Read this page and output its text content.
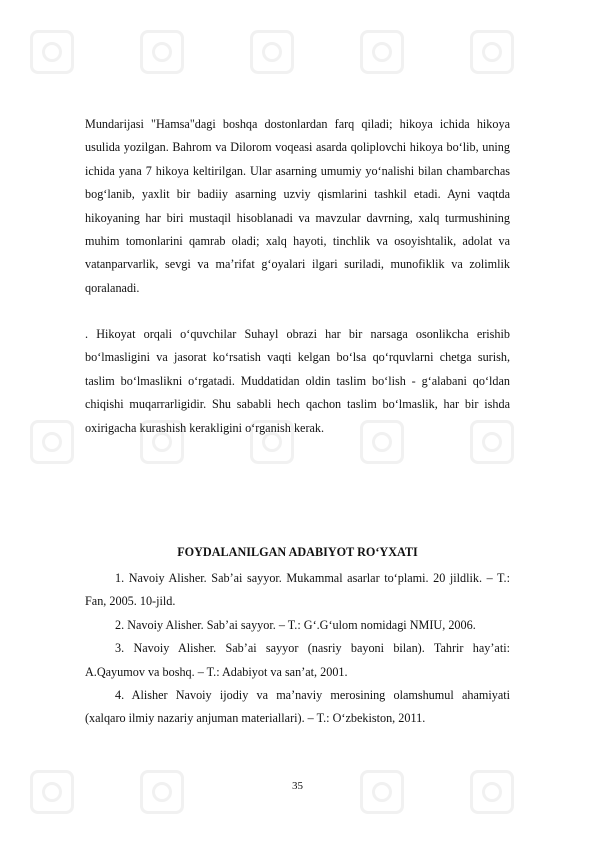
Mundarijasi "Hamsa"dagi boshqa dostonlardan farq qiladi; hikoya ichida hikoya usulida yozilgan. Bahrom va Dilorom voqeasi asarda qoliplovchi hikoya boʻlib, uning ichida yana 7 hikoya keltirilgan. Ular asarning umumiy yoʻnalishi bilan chambarchas bogʻlanib, yaxlit bir badiiy asarning uzviy qismlarini tashkil etadi. Ayni vaqtda hikoyaning har biri mustaqil hisoblanadi va mavzular davrning, xalq turmushining muhim tomonlarini qamrab oladi; xalq hayoti, tinchlik va osoyishtalik, adolat va vatanparvarlik, sevgi va maʼrifat gʻoyalari ilgari suriladi, munofiklik va zolimlik qoralanadi.
. Hikoyat orqali o‘quvchilar Suhayl obrazi har bir narsaga osonlikcha erishib bo‘lmasligini va jasorat ko‘rsatish vaqti kelgan bo‘lsa qo‘rquvlarni chetga surish, taslim bo‘lmaslikni o‘rgatadi. Muddatidan oldin taslim bo‘lish - g‘alabani qo‘ldan chiqishi muqarrarligidir. Shu sababli hech qachon taslim bo‘lmaslik, har bir ishda oxirigacha kurashish kerakligini o‘rganish kerak.
FOYDALANILGAN ADABIYOT RO‘YXATI
1. Navoiy Alisher. Sab’ai sayyor. Mukammal asarlar toʻplami. 20 jildlik. – T.: Fan, 2005. 10-jild.
2. Navoiy Alisher. Sab’ai sayyor. – T.: Gʻ.Gʻulom nomidagi NMIU, 2006.
3. Navoiy Alisher. Sab’ai sayyor (nasriy bayoni bilan). Tahrir hay’ati: A.Qayumov va boshq. – T.: Adabiyot va san’at, 2001.
4. Alisher Navoiy ijodiy va ma’naviy merosining olamshumul ahamiyati (xalqaro ilmiy nazariy anjuman materiallari). – T.: Oʻzbekiston, 2011.
35
